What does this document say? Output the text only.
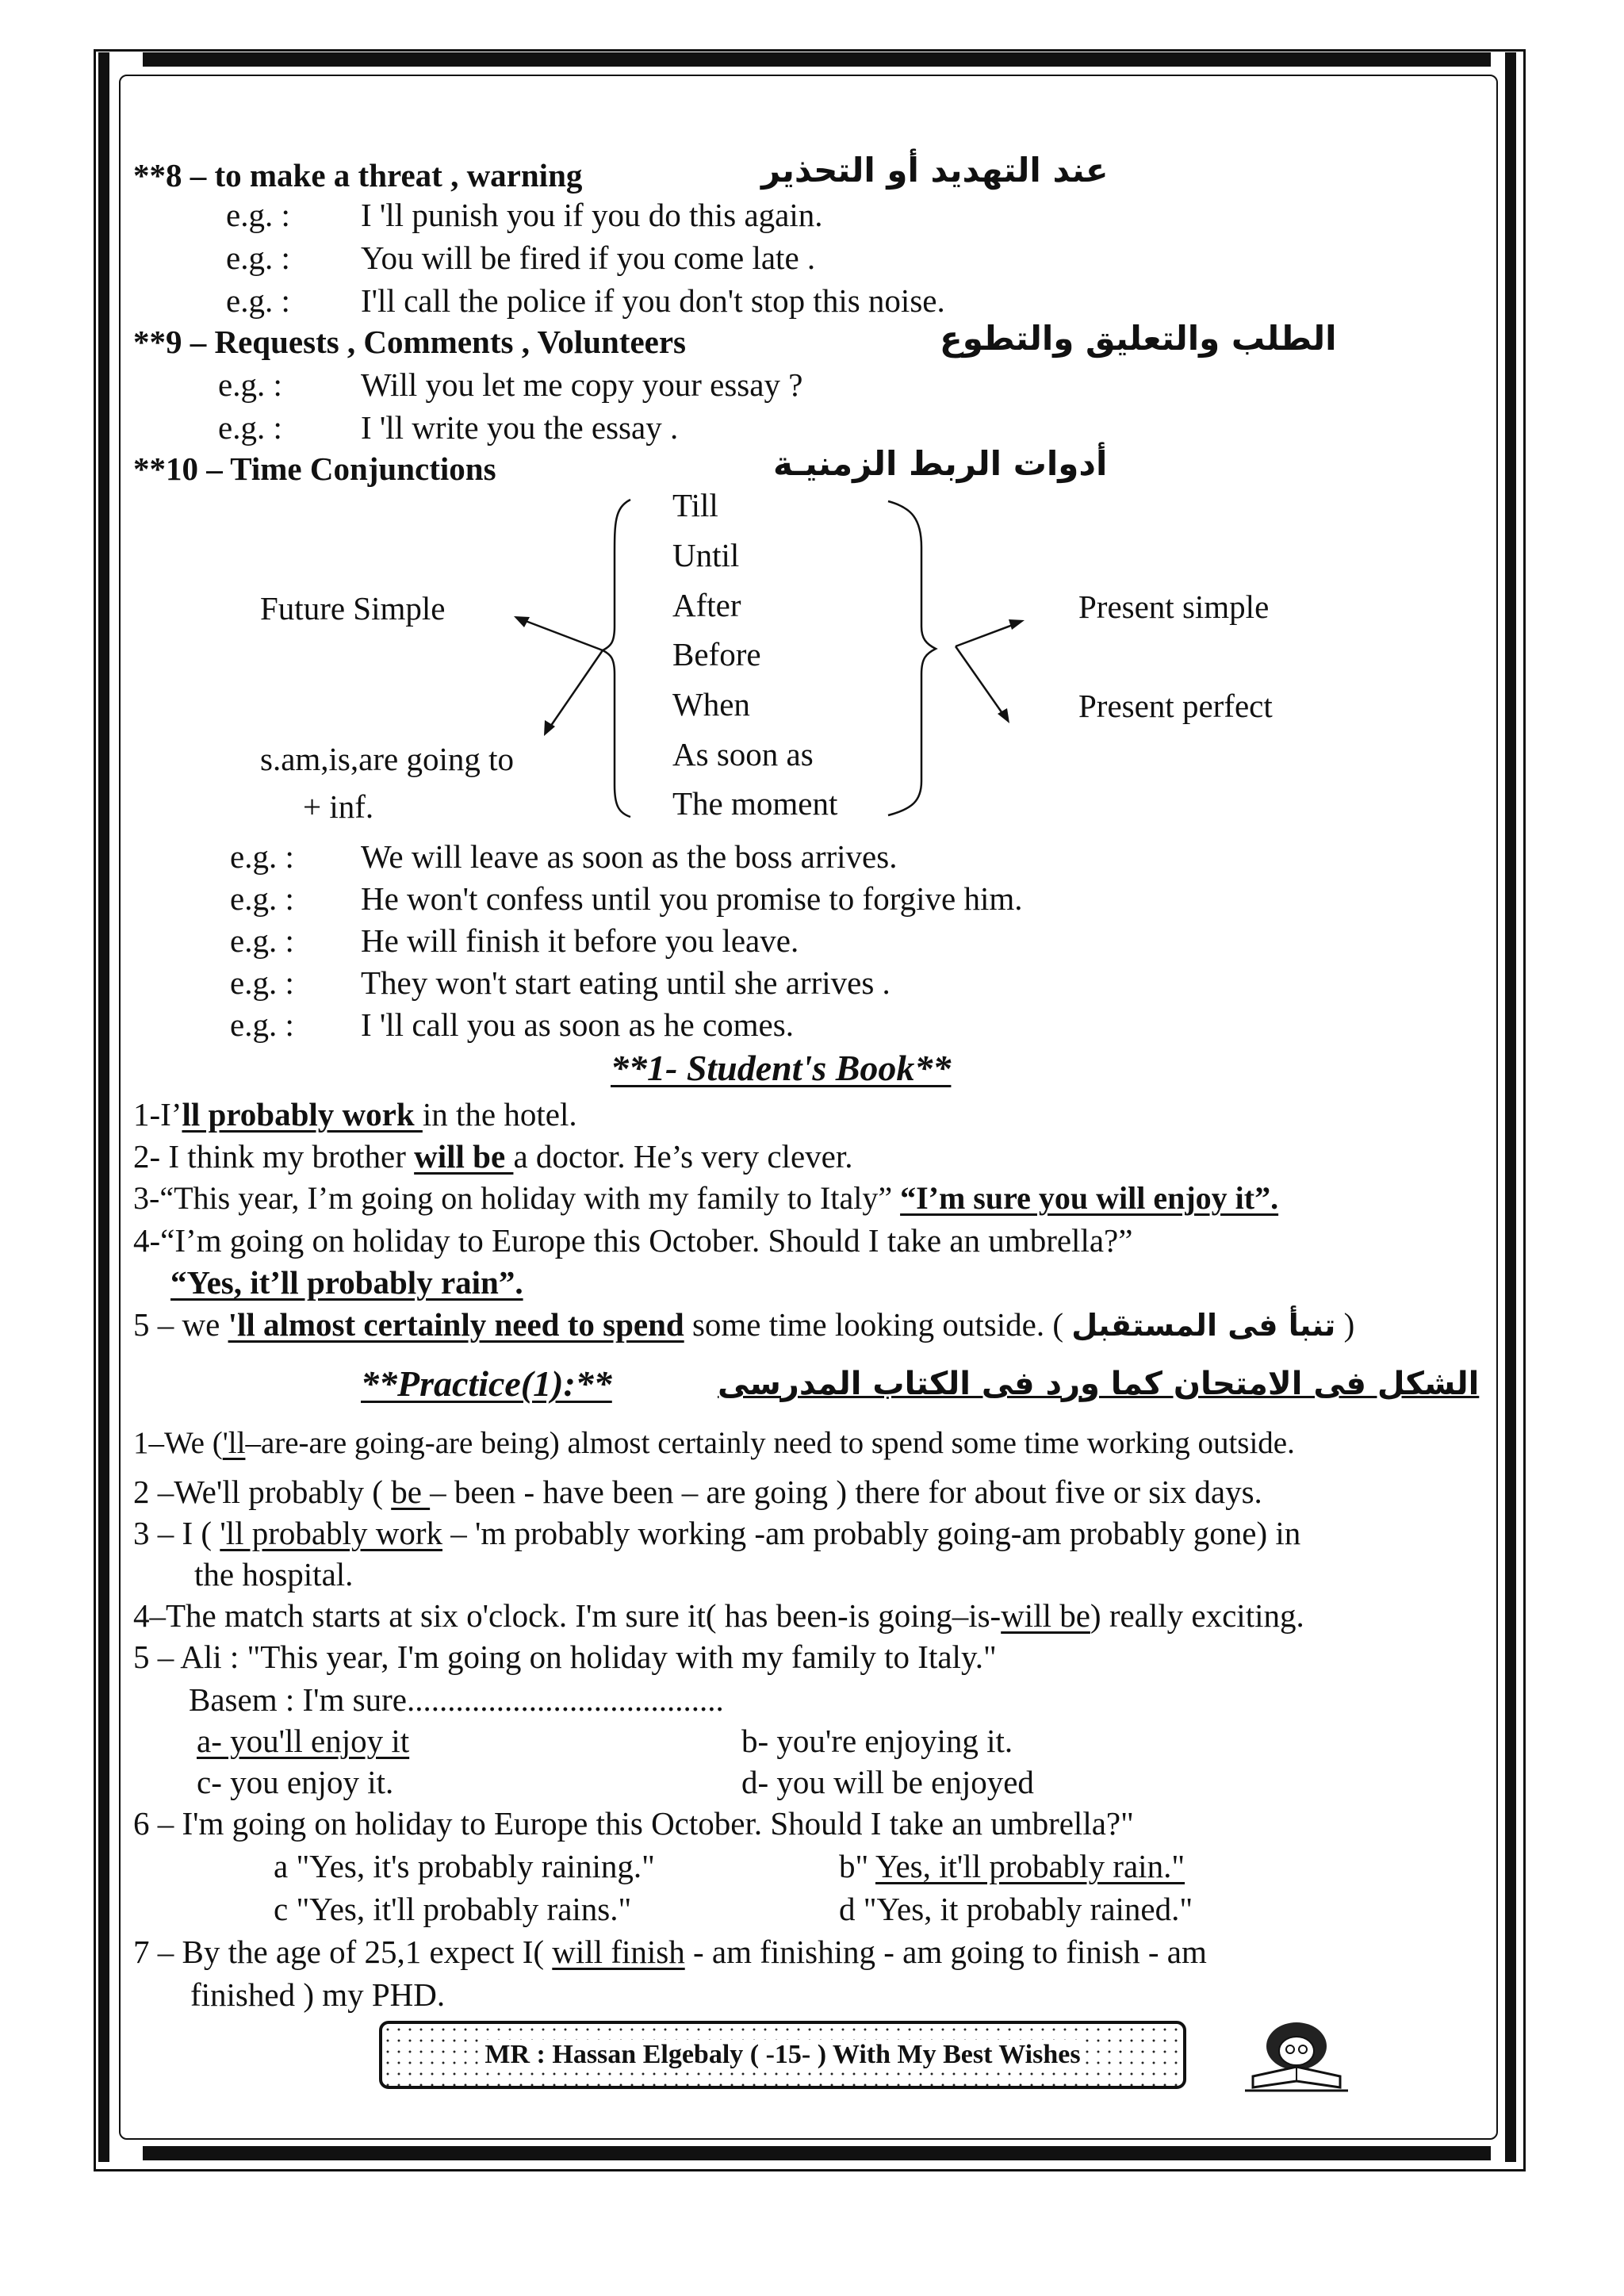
**8 – to make a threat , warning	عند التهديد أو التحذير
e.g. : I 'll punish you if you do this again.
e.g. : You will be fired if you come late .
e.g. : I'll call the police if you don't stop this noise.
**9 – Requests , Comments , Volunteers	الطلب والتعليق والتطوع
e.g. : Will you let me copy your essay ?
e.g. : I 'll write you the essay .
**10 – Time Conjunctions	أدوات الربط الزمنيـة
Till
Until
After
Before
When
As soon as
The moment
Future Simple
s.am,is,are going to
+ inf.
Present simple
Present perfect
e.g. : We will leave as soon as the boss arrives.
e.g. : He won't confess until you promise to forgive him.
e.g. : He will finish it before you leave.
e.g. : They won't start eating until she arrives .
e.g. : I 'll call you as soon as he comes.
**1- Student's Book**
1-I’ll probably work in the hotel.
2- I think my brother will be a doctor. He’s very clever.
3-“This year, I’m going on holiday with my family to Italy” “I’m sure you will enjoy it”.
4-“I’m going on holiday to Europe this October. Should I take an umbrella?”
“Yes, it’ll probably rain”.
5 – we 'll almost certainly need to spend some time looking outside. ( تنبأ فى المستقبل )
**Practice(1):**	الشكل فى الامتحان كما ورد فى الكتاب المدرسى
1–We ('ll–are-are going-are being) almost certainly need to spend some time working outside.
2 –We'll probably ( be – been - have been – are going ) there for about five or six days.
3 – I ( 'll probably work – 'm probably working -am probably going-am probably gone) in
the hospital.
4–The match starts at six o'clock. I'm sure it( has been-is going–is-will be) really exciting.
5 – Ali : "This year, I'm going on holiday with my family to Italy."
Basem : I'm sure.......................................
a- you'll enjoy it	b- you're enjoying it.
c- you enjoy it.	d- you will be enjoyed
6 – I'm going on holiday to Europe this October. Should I take an umbrella?"
a "Yes, it's probably raining."	b" Yes, it'll probably rain."
c "Yes, it'll probably rains."	d "Yes, it probably rained."
7 – By the age of 25,1 expect I( will finish - am finishing - am going to finish - am
finished ) my PHD.
MR : Hassan Elgebaly ( -15- ) With My Best Wishes
